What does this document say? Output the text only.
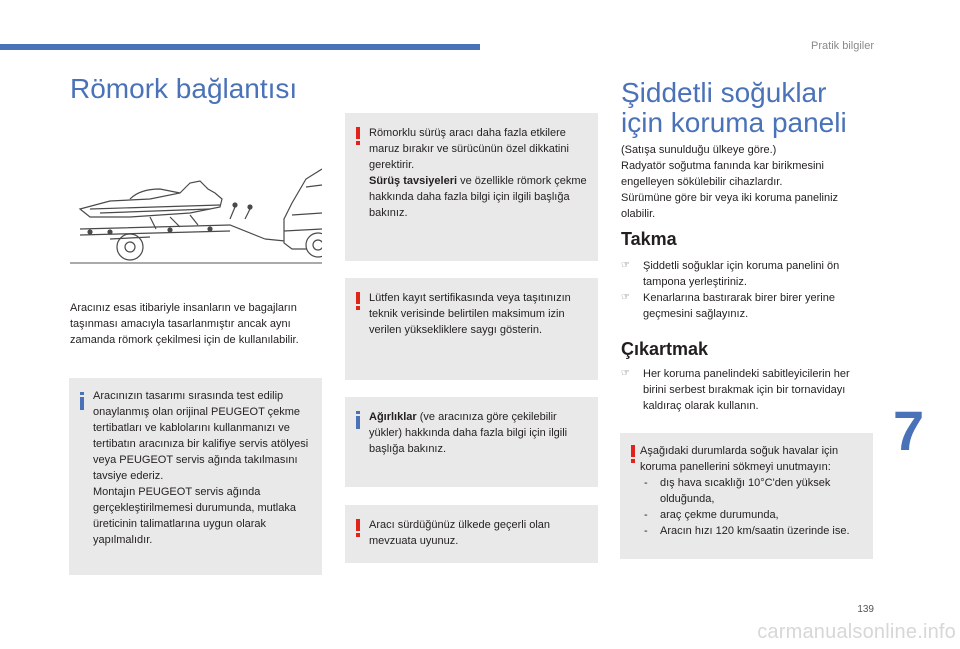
Pratik bilgiler
Römork bağlantısı

Aracınız esas itibariyle insanların ve bagajların taşınması amacıyla tasarlanmıştır ancak aynı zamanda römork çekilmesi için de kullanılabilir.

Aracınızın tasarımı sırasında test edilip onaylanmış olan orijinal PEUGEOT çekme tertibatları ve kablolarını kullanmanızı ve tertibatın aracınıza bir kalifiye servis atölyesi veya PEUGEOT servis ağında takılmasını tavsiye ederiz.
Montajın PEUGEOT servis ağında gerçekleştirilmemesi durumunda, mutlaka üreticinin talimatlarına uygun olarak yapılmalıdır.

Römorklu sürüş aracı daha fazla etkilere maruz bırakır ve sürücünün özel dikkatini gerektirir.

Sürüş tavsiyeleri ve özellikle römork çekme hakkında daha fazla bilgi için ilgili başlığa bakınız.

Lütfen kayıt sertifikasında veya taşıtınızın teknik verisinde belirtilen maksimum izin verilen yüksekliklere saygı gösterin.

Ağırlıklar (ve aracınıza göre çekilebilir yükler) hakkında daha fazla bilgi için ilgili başlığa bakınız.

Aracı sürdüğünüz ülkede geçerli olan mevzuata uyunuz.

Şiddetli soğuklar
için koruma paneli

(Satışa sunulduğu ülkeye göre.)
Radyatör soğutma fanında kar birikmesini engelleyen sökülebilir cihazlardır.
Sürümüne göre bir veya iki koruma paneliniz olabilir.

Takma
☞ Şiddetli soğuklar için koruma panelini ön tampona yerleştiriniz.
☞ Kenarlarına bastırarak birer birer yerine geçmesini sağlayınız.
Çıkartmak
☞ Her koruma panelindeki sabitleyicilerin her birini serbest bırakmak için bir tornavidayı kaldıraç olarak kullanın.

Aşağıdaki durumlarda soğuk havalar için koruma panellerini sökmeyi unutmayın:

- dış hava sıcaklığı 10°C'den yüksek olduğunda,

- araç çekme durumunda,

- Aracın hızı 120 km/saatin üzerinde ise.

7
139
carmanualsonline.info
